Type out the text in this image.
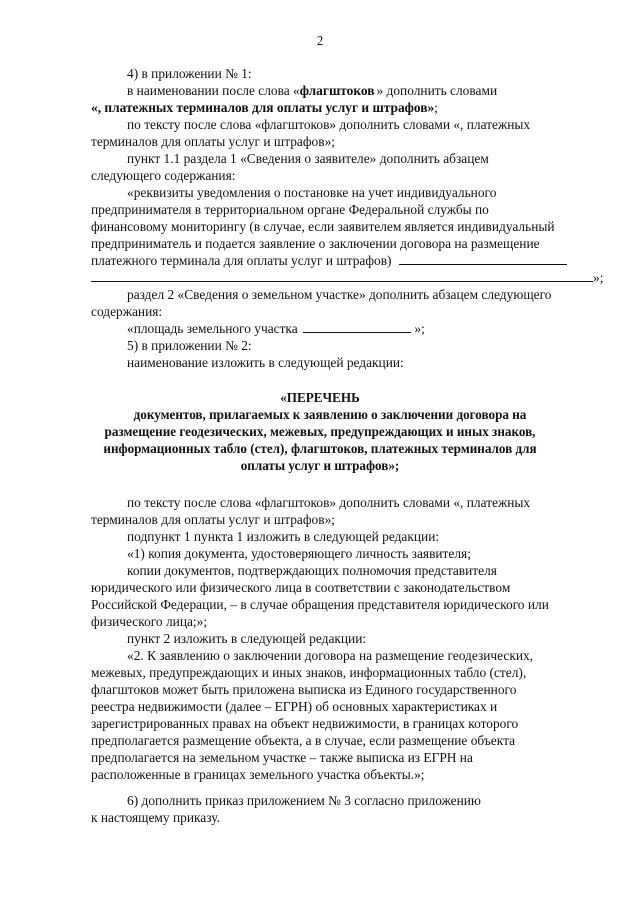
2
4) в приложении № 1:
в наименовании после слова «флагштоков » дополнить словами
«, платежных терминалов для оплаты услуг и штрафов»;
по тексту после слова «флагштоков» дополнить словами «, платежных
терминалов для оплаты услуг и штрафов»;
пункт 1.1 раздела 1 «Сведения о заявителе» дополнить абзацем
следующего содержания:
«реквизиты уведомления о постановке на учет индивидуального
предпринимателя в территориальном органе Федеральной службы по
финансовому мониторингу (в случае, если заявителем является индивидуальный
предприниматель и подается заявление о заключении договора на размещение
платежного терминала для оплаты услуг и штрафов)
»;
раздел 2 «Сведения о земельном участке» дополнить абзацем следующего
содержания:
«площадь земельного участка	»;
5) в приложении № 2:
наименование изложить в следующей редакции:
«ПЕРЕЧЕНЬ
документов, прилагаемых к заявлению о заключении договора на
размещение геодезических, межевых, предупреждающих и иных знаков,
информационных табло (стел), флагштоков, платежных терминалов для
оплаты услуг и штрафов»;
по тексту после слова «флагштоков» дополнить словами «, платежных
терминалов для оплаты услуг и штрафов»;
подпункт 1 пункта 1 изложить в следующей редакции:
«1) копия документа, удостоверяющего личность заявителя;
копии документов, подтверждающих полномочия представителя
юридического или физического лица в соответствии с законодательством
Российской Федерации, – в случае обращения представителя юридического или
физического лица;»;
пункт 2 изложить в следующей редакции:
«2. К заявлению о заключении договора на размещение геодезических,
межевых, предупреждающих и иных знаков, информационных табло (стел),
флагштоков может быть приложена выписка из Единого государственного
реестра недвижимости (далее – ЕГРН) об основных характеристиках и
зарегистрированных правах на объект недвижимости, в границах которого
предполагается размещение объекта, а в случае, если размещение объекта
предполагается на земельном участке – также выписка из ЕГРН на
расположенные в границах земельного участка объекты.»;
6) дополнить приказ приложением № 3 согласно приложению
к настоящему приказу.
